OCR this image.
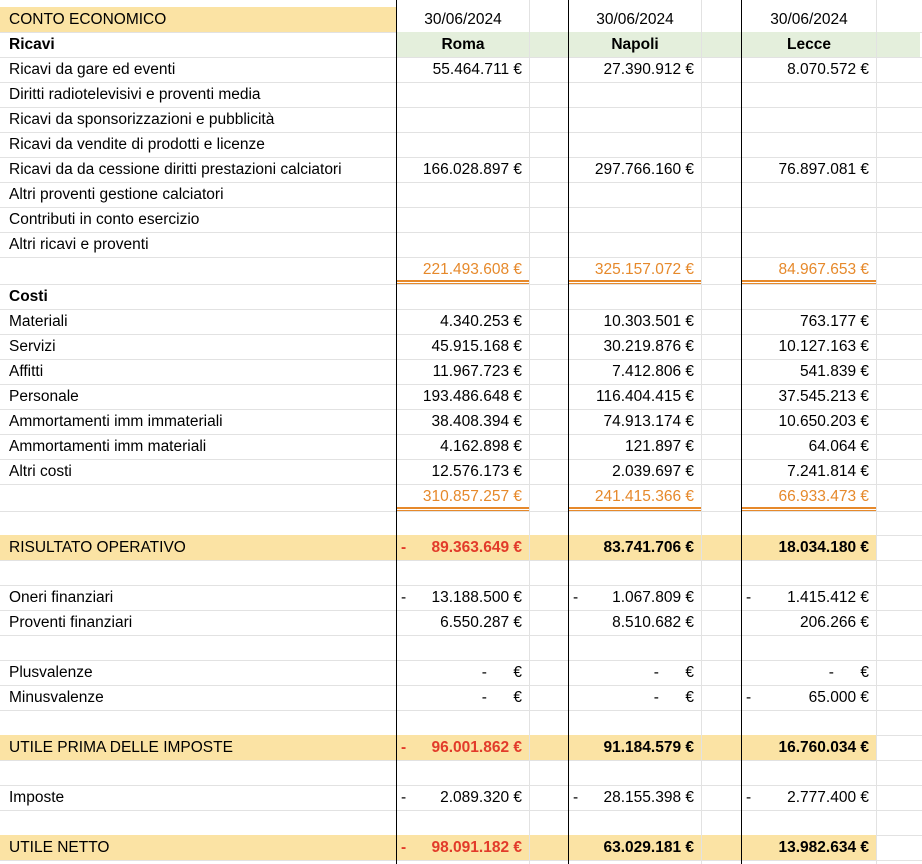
CONTO ECONOMICO	30/06/2024	30/06/2024	30/06/2024
Ricavi	Roma	Napoli	Lecce
Ricavi da gare ed eventi	55.464.711 €	27.390.912 €	8.070.572 €
Diritti radiotelevisivi e proventi media
Ricavi da sponsorizzazioni e pubblicità
Ricavi da vendite di prodotti e licenze
Ricavi da da cessione diritti prestazioni calciatori	166.028.897 €	297.766.160 €	76.897.081 €
Altri proventi gestione calciatori
Contributi in conto esercizio
Altri ricavi e proventi
221.493.608 €	325.157.072 €	84.967.653 €
Costi
Materiali	4.340.253 €	10.303.501 €	763.177 €
Servizi	45.915.168 €	30.219.876 €	10.127.163 €
Affitti	11.967.723 €	7.412.806 €	541.839 €
Personale	193.486.648 €	116.404.415 €	37.545.213 €
Ammortamenti imm immateriali	38.408.394 €	74.913.174 €	10.650.203 €
Ammortamenti imm materiali	4.162.898 €	121.897 €	64.064 €
Altri costi	12.576.173 €	2.039.697 €	7.241.814 €
310.857.257 €	241.415.366 €	66.933.473 €
RISULTATO OPERATIVO	- 89.363.649 €	83.741.706 €	18.034.180 €
Oneri finanziari	- 13.188.500 €	- 1.067.809 €	- 1.415.412 €
Proventi finanziari	6.550.287 €	8.510.682 €	206.266 €
Plusvalenze	-	€	-	€	-	€
Minusvalenze	-	€	-	€	-	65.000 €
UTILE PRIMA DELLE IMPOSTE	- 96.001.862 €	91.184.579 €	16.760.034 €
Imposte	- 2.089.320 €	- 28.155.398 €	- 2.777.400 €
UTILE NETTO	- 98.091.182 €	63.029.181 €	13.982.634 €
